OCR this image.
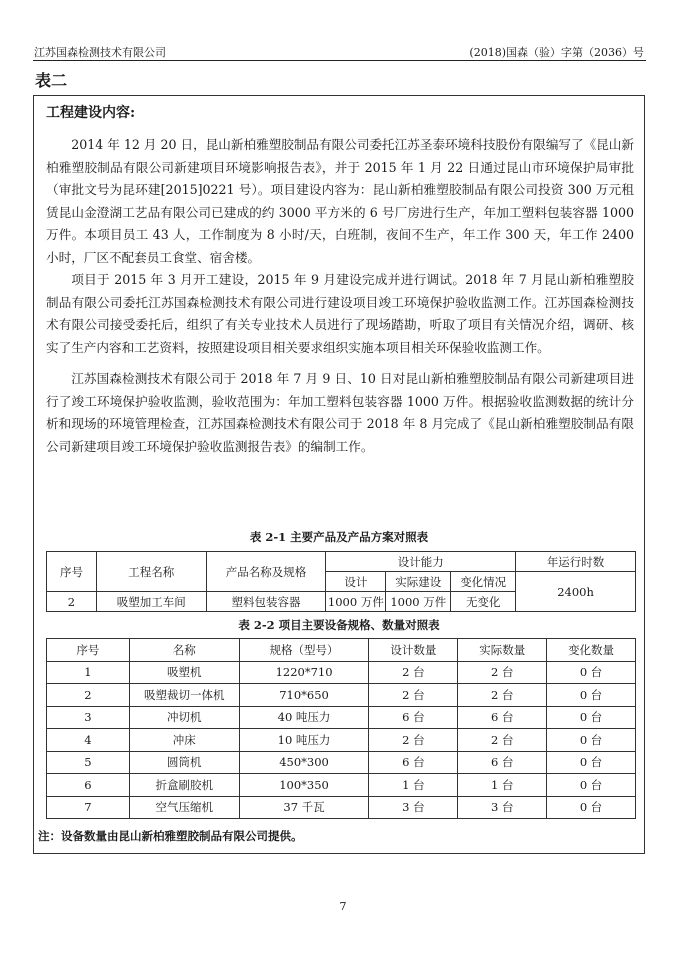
江苏国森检测技术有限公司	(2018)国森（验）字第（2036）号
表二
工程建设内容:

2014 年 12 月 20 日，昆山新柏雅塑胶制品有限公司委托江苏圣泰环境科技股份有限编写了《昆山新柏雅塑胶制品有限公司新建项目环境影响报告表》，并于 2015 年 1 月 22 日通过昆山市环境保护局审批（审批文号为昆环建[2015]0221 号）。项目建设内容为：昆山新柏雅塑胶制品有限公司投资 300 万元租赁昆山金澄湖工艺品有限公司已建成的约 3000 平方米的 6 号厂房进行生产，年加工塑料包装容器 1000 万件。本项目员工 43 人，工作制度为 8 小时/天，白班制，夜间不生产，年工作 300 天，年工作 2400 小时，厂区不配套员工食堂、宿舍楼。

项目于 2015 年 3 月开工建设，2015 年 9 月建设完成并进行调试。2018 年 7 月昆山新柏雅塑胶制品有限公司委托江苏国森检测技术有限公司进行建设项目竣工环境保护验收监测工作。江苏国森检测技术有限公司接受委托后，组织了有关专业技术人员进行了现场踏勘，听取了项目有关情况介绍，调研、核实了生产内容和工艺资料，按照建设项目相关要求组织实施本项目相关环保验收监测工作。

江苏国森检测技术有限公司于 2018 年 7 月 9 日、10 日对昆山新柏雅塑胶制品有限公司新建项目进行了竣工环境保护验收监测，验收范围为：年加工塑料包装容器 1000 万件。根据验收监测数据的统计分析和现场的环境管理检查，江苏国森检测技术有限公司于 2018 年 8 月完成了《昆山新柏雅塑胶制品有限公司新建项目竣工环境保护验收监测报告表》的编制工作。

表 2-1 主要产品及产品方案对照表
序号	工程名称	产品名称及规格	设计能力			年运行时数
			设计	实际建设	变化情况	2400h
2	吸塑加工车间	塑料包装容器	1000 万件	1000 万件	无变化	
表 2-2 项目主要设备规格、数量对照表
序号	名称	规格（型号）	设计数量	实际数量	变化数量
1	吸塑机	1220*710	2 台	2 台	0 台
2	吸塑裁切一体机	710*650	2 台	2 台	0 台
3	冲切机	40 吨压力	6 台	6 台	0 台
4	冲床	10 吨压力	2 台	2 台	0 台
5	圆筒机	450*300	6 台	6 台	0 台
6	折盒刷胶机	100*350	1 台	1 台	0 台
7	空气压缩机	37 千瓦	3 台	3 台	0 台
注：设备数量由昆山新柏雅塑胶制品有限公司提供。
7
